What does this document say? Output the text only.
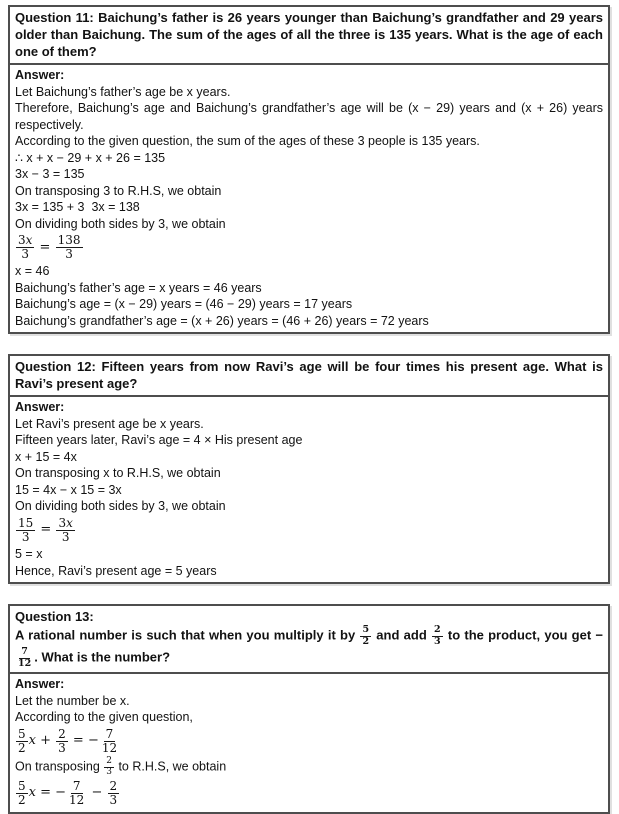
Question 11: Baichung’s father is 26 years younger than Baichung’s grandfather and 29 years older than Baichung. The sum of the ages of all the three is 135 years. What is the age of each one of them?
Answer:
Let Baichung’s father’s age be x years.
Therefore, Baichung’s age and Baichung’s grandfather’s age will be (x − 29) years and (x + 26) years respectively.
According to the given question, the sum of the ages of these 3 people is 135 years.
∴ x + x − 29 + x + 26 = 135
3x − 3 = 135
On transposing 3 to R.H.S, we obtain
3x = 135 + 3  3x = 138
On dividing both sides by 3, we obtain
$\frac{3x}{3} = \frac{138}{3}$
x = 46
Baichung’s father’s age = x years = 46 years
Baichung’s age = (x − 29) years = (46 − 29) years = 17 years
Baichung’s grandfather’s age = (x + 26) years = (46 + 26) years = 72 years
Question 12: Fifteen years from now Ravi’s age will be four times his present age. What is Ravi’s present age?
Answer:
Let Ravi’s present age be x years.
Fifteen years later, Ravi’s age = 4 × His present age
x + 15 = 4x
On transposing x to R.H.S, we obtain
15 = 4x − x 15 = 3x
On dividing both sides by 3, we obtain
$\frac{15}{3} = \frac{3x}{3}$
5 = x
Hence, Ravi’s present age = 5 years
Question 13:
A rational number is such that when you multiply it by $\frac{5}{2}$ and add $\frac{2}{3}$ to the product, you get −
$\frac{7}{12}$ . What is the number?
Answer:
Let the number be x.
According to the given question,
$\frac{5}{2}$ $x + \frac{2}{3}$ = − $\frac{7}{12}$
On transposing $\frac{2}{3}$ to R.H.S, we obtain
$\frac{5}{2}$ x = − $\frac{7}{12} - \frac{2}{3}$
